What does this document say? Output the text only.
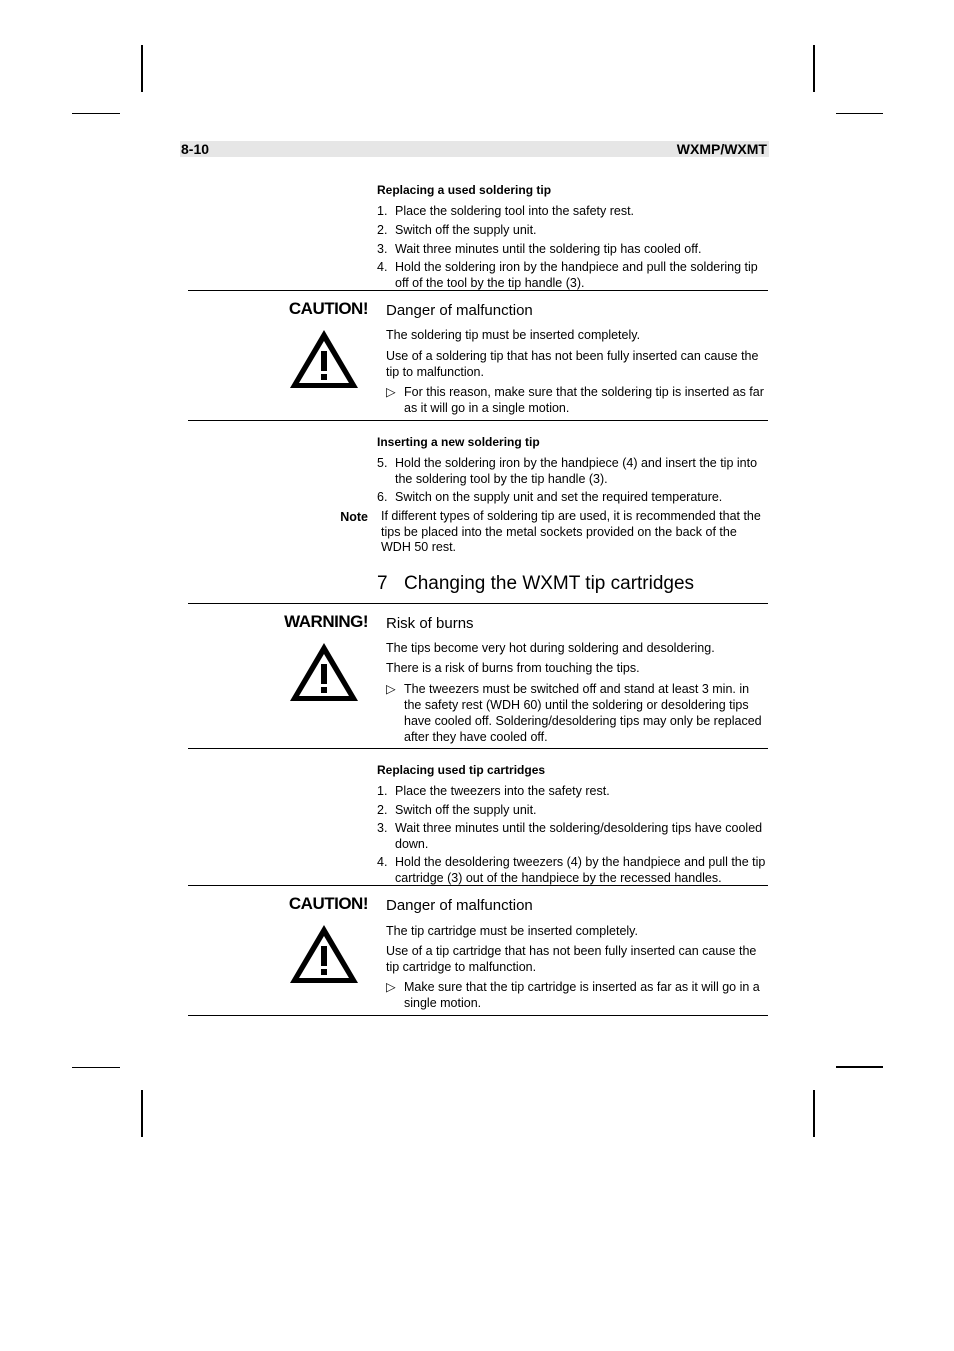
8-10	WXMP/WXMT
Replacing a used soldering tip
1. Place the soldering tool into the safety rest.
2. Switch off the supply unit.
3. Wait three minutes until the soldering tip has cooled off.
4. Hold the soldering iron by the handpiece and pull the soldering tip off of the tool by the tip handle (3).
CAUTION! Danger of malfunction
The soldering tip must be inserted completely.
Use of a soldering tip that has not been fully inserted can cause the tip to malfunction.
▷ For this reason, make sure that the soldering tip is inserted as far as it will go in a single motion.
Inserting a new soldering tip
5. Hold the soldering iron by the handpiece (4) and insert the tip into the soldering tool by the tip handle (3).
6. Switch on the supply unit and set the required temperature.
Note If different types of soldering tip are used, it is recommended that the tips be placed into the metal sockets provided on the back of the WDH 50 rest.
7 Changing the WXMT tip cartridges
WARNING! Risk of burns
The tips become very hot during soldering and desoldering.
There is a risk of burns from touching the tips.
▷ The tweezers must be switched off and stand at least 3 min. in the safety rest (WDH 60) until the soldering or desoldering tips have cooled off. Soldering/desoldering tips may only be replaced after they have cooled off.
Replacing used tip cartridges
1. Place the tweezers into the safety rest.
2. Switch off the supply unit.
3. Wait three minutes until the soldering/desoldering tips have cooled down.
4. Hold the desoldering tweezers (4) by the handpiece and pull the tip cartridge (3) out of the handpiece by the recessed handles.
CAUTION! Danger of malfunction
The tip cartridge must be inserted completely.
Use of a tip cartridge that has not been fully inserted can cause the tip cartridge to malfunction.
▷ Make sure that the tip cartridge is inserted as far as it will go in a single motion.
